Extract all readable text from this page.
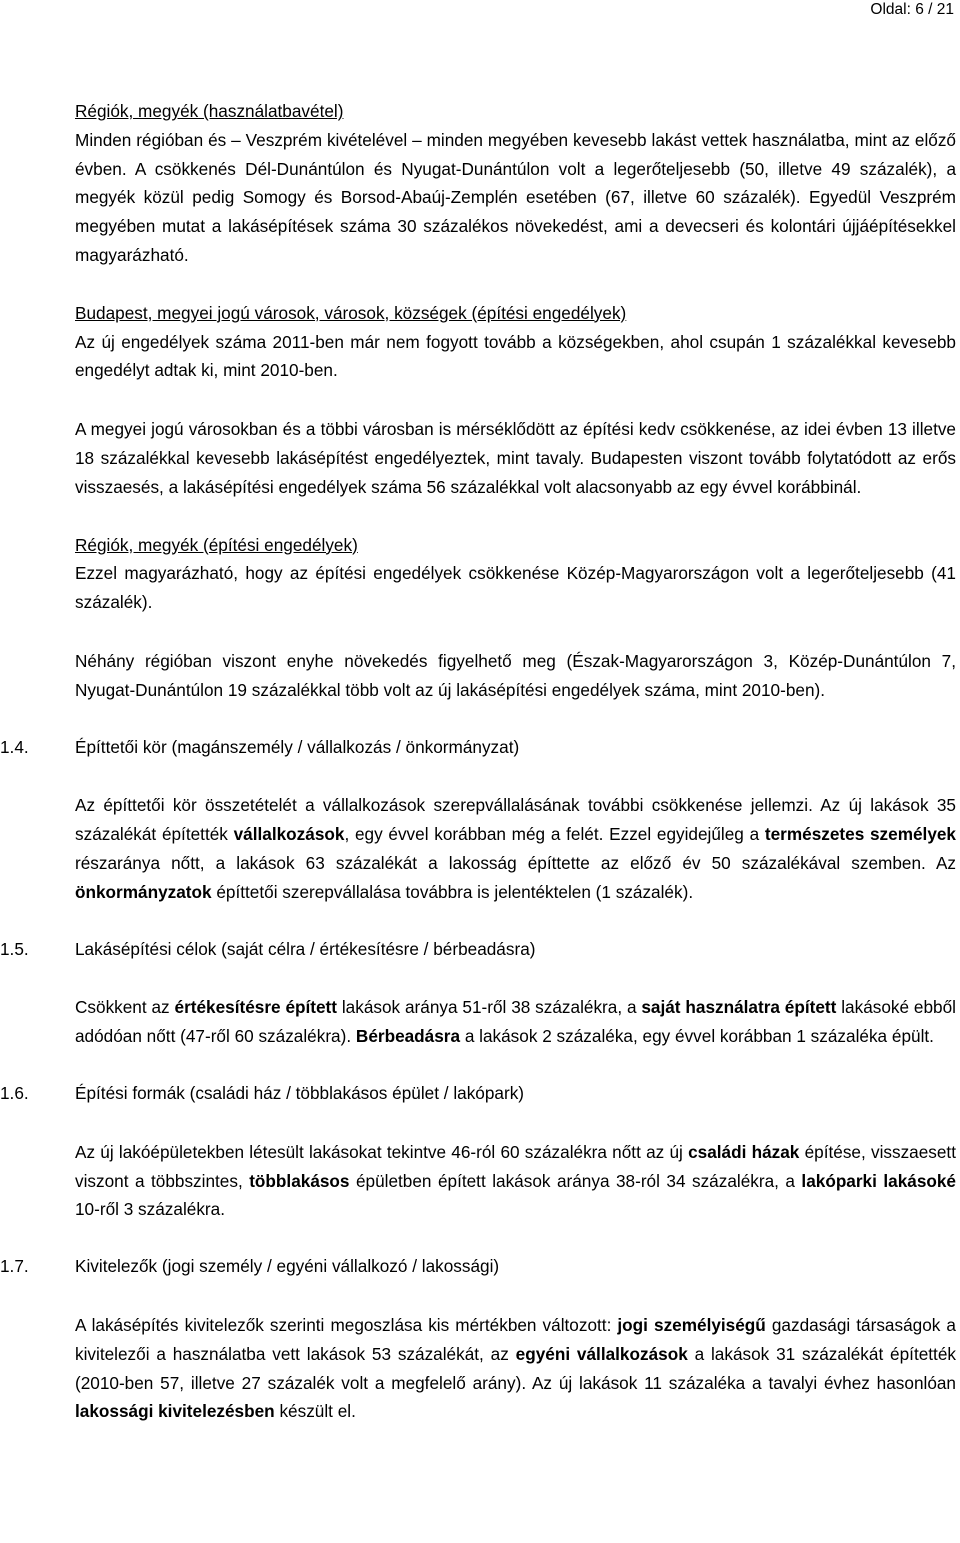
Oldal: 6 / 21

Régiók, megyék (használatbavétel)

Minden régióban és – Veszprém kivételével – minden megyében kevesebb lakást vettek használatba, mint az előző évben. A csökkenés Dél-Dunántúlon és Nyugat-Dunántúlon volt a legerőteljesebb (50, illetve 49 százalék), a megyék közül pedig Somogy és Borsod-Abaúj-Zemplén esetében (67, illetve 60 százalék). Egyedül Veszprém megyében mutat a lakásépítések száma 30 százalékos növekedést, ami a devecseri és kolontári újjáépítésekkel magyarázható.

Budapest, megyei jogú városok, városok, községek (építési engedélyek)

Az új engedélyek száma 2011-ben már nem fogyott tovább a községekben, ahol csupán 1 százalékkal kevesebb engedélyt adtak ki, mint 2010-ben.

A megyei jogú városokban és a többi városban is mérséklődött az építési kedv csökkenése, az idei évben 13 illetve 18 százalékkal kevesebb lakásépítést engedélyeztek, mint tavaly. Budapesten viszont tovább folytatódott az erős visszaesés, a lakásépítési engedélyek száma 56 százalékkal volt alacsonyabb az egy évvel korábbinál.

Régiók, megyék (építési engedélyek)

Ezzel magyarázható, hogy az építési engedélyek csökkenése Közép-Magyarországon volt a legerőteljesebb (41 százalék).

Néhány régióban viszont enyhe növekedés figyelhető meg (Észak-Magyarországon 3, Közép-Dunántúlon 7, Nyugat-Dunántúlon 19 százalékkal több volt az új lakásépítési engedélyek száma, mint 2010-ben).

1.4.	Építtetői kör (magánszemély / vállalkozás / önkormányzat)

Az építtetői kör összetételét a vállalkozások szerepvállalásának további csökkenése jellemzi. Az új lakások 35 százalékát építették vállalkozások, egy évvel korábban még a felét. Ezzel egyidejűleg a természetes személyek részaránya nőtt, a lakások 63 százalékát a lakosság építtette az előző év 50 százalékával szemben. Az önkormányzatok építtetői szerepvállalása továbbra is jelentéktelen (1 százalék).

1.5.	Lakásépítési célok (saját célra / értékesítésre / bérbeadásra)

Csökkent az értékesítésre épített lakások aránya 51-ről 38 százalékra, a saját használatra épített lakásoké ebből adódóan nőtt (47-ről 60 százalékra). Bérbeadásra a lakások 2 százaléka, egy évvel korábban 1 százaléka épült.

1.6.	Építési formák (családi ház / többlakásos épület / lakópark)

Az új lakóépületekben létesült lakásokat tekintve 46-ról 60 százalékra nőtt az új családi házak építése, visszaesett viszont a többszintes, többlakásos épületben épített lakások aránya 38-ról 34 százalékra, a lakóparki lakásoké 10-ről 3 százalékra.

1.7.	Kivitelezők (jogi személy / egyéni vállalkozó / lakossági)

A lakásépítés kivitelezők szerinti megoszlása kis mértékben változott: jogi személyiségű gazdasági társaságok a kivitelezői a használatba vett lakások 53 százalékát, az egyéni vállalkozások a lakások 31 százalékát építették (2010-ben 57, illetve 27 százalék volt a megfelelő arány). Az új lakások 11 százaléka a tavalyi évhez hasonlóan lakossági kivitelezésben készült el.
